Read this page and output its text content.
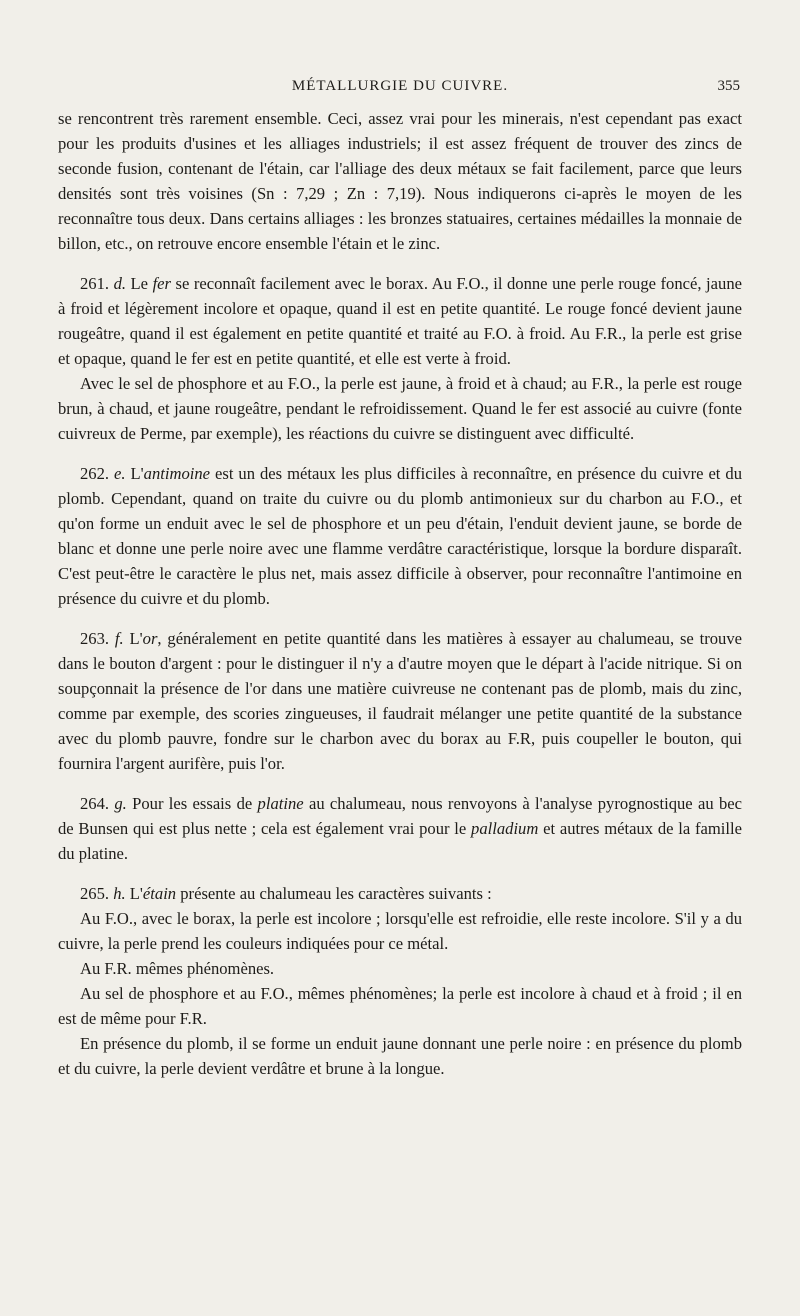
MÉTALLURGIE DU CUIVRE.	355

se rencontrent très rarement ensemble. Ceci, assez vrai pour les minerais, n'est cependant pas exact pour les produits d'usines et les alliages industriels; il est assez fréquent de trouver des zincs de seconde fusion, contenant de l'étain, car l'alliage des deux métaux se fait facilement, parce que leurs densités sont très voisines (Sn : 7,29 ; Zn : 7,19). Nous indiquerons ci-après le moyen de les reconnaître tous deux. Dans certains alliages : les bronzes statuaires, certaines médailles la monnaie de billon, etc., on retrouve encore ensemble l'étain et le zinc.

261. d. Le fer se reconnaît facilement avec le borax. Au F.O., il donne une perle rouge foncé, jaune à froid et légèrement incolore et opaque, quand il est en petite quantité. Le rouge foncé devient jaune rougeâtre, quand il est également en petite quantité et traité au F.O. à froid. Au F.R., la perle est grise et opaque, quand le fer est en petite quantité, et elle est verte à froid.

Avec le sel de phosphore et au F.O., la perle est jaune, à froid et à chaud; au F.R., la perle est rouge brun, à chaud, et jaune rougeâtre, pendant le refroidissement. Quand le fer est associé au cuivre (fonte cuivreux de Perme, par exemple), les réactions du cuivre se distinguent avec difficulté.

262. e. L'antimoine est un des métaux les plus difficiles à reconnaître, en présence du cuivre et du plomb. Cependant, quand on traite du cuivre ou du plomb antimonieux sur du charbon au F.O., et qu'on forme un enduit avec le sel de phosphore et un peu d'étain, l'enduit devient jaune, se borde de blanc et donne une perle noire avec une flamme verdâtre caractéristique, lorsque la bordure disparaît. C'est peut-être le caractère le plus net, mais assez difficile à observer, pour reconnaître l'antimoine en présence du cuivre et du plomb.

263. f. L'or, généralement en petite quantité dans les matières à essayer au chalumeau, se trouve dans le bouton d'argent : pour le distinguer il n'y a d'autre moyen que le départ à l'acide nitrique. Si on soupçonnait la présence de l'or dans une matière cuivreuse ne contenant pas de plomb, mais du zinc, comme par exemple, des scories zingueuses, il faudrait mélanger une petite quantité de la substance avec du plomb pauvre, fondre sur le charbon avec du borax au F.R, puis coupeller le bouton, qui fournira l'argent aurifère, puis l'or.

264. g. Pour les essais de platine au chalumeau, nous renvoyons à l'analyse pyrognostique au bec de Bunsen qui est plus nette ; cela est également vrai pour le palladium et autres métaux de la famille du platine.

265. h. L'étain présente au chalumeau les caractères suivants :

Au F.O., avec le borax, la perle est incolore ; lorsqu'elle est refroidie, elle reste incolore. S'il y a du cuivre, la perle prend les couleurs indiquées pour ce métal.

Au F.R. mêmes phénomènes.

Au sel de phosphore et au F.O., mêmes phénomènes; la perle est incolore à chaud et à froid ; il en est de même pour F.R.

En présence du plomb, il se forme un enduit jaune donnant une perle noire : en présence du plomb et du cuivre, la perle devient verdâtre et brune à la longue.
